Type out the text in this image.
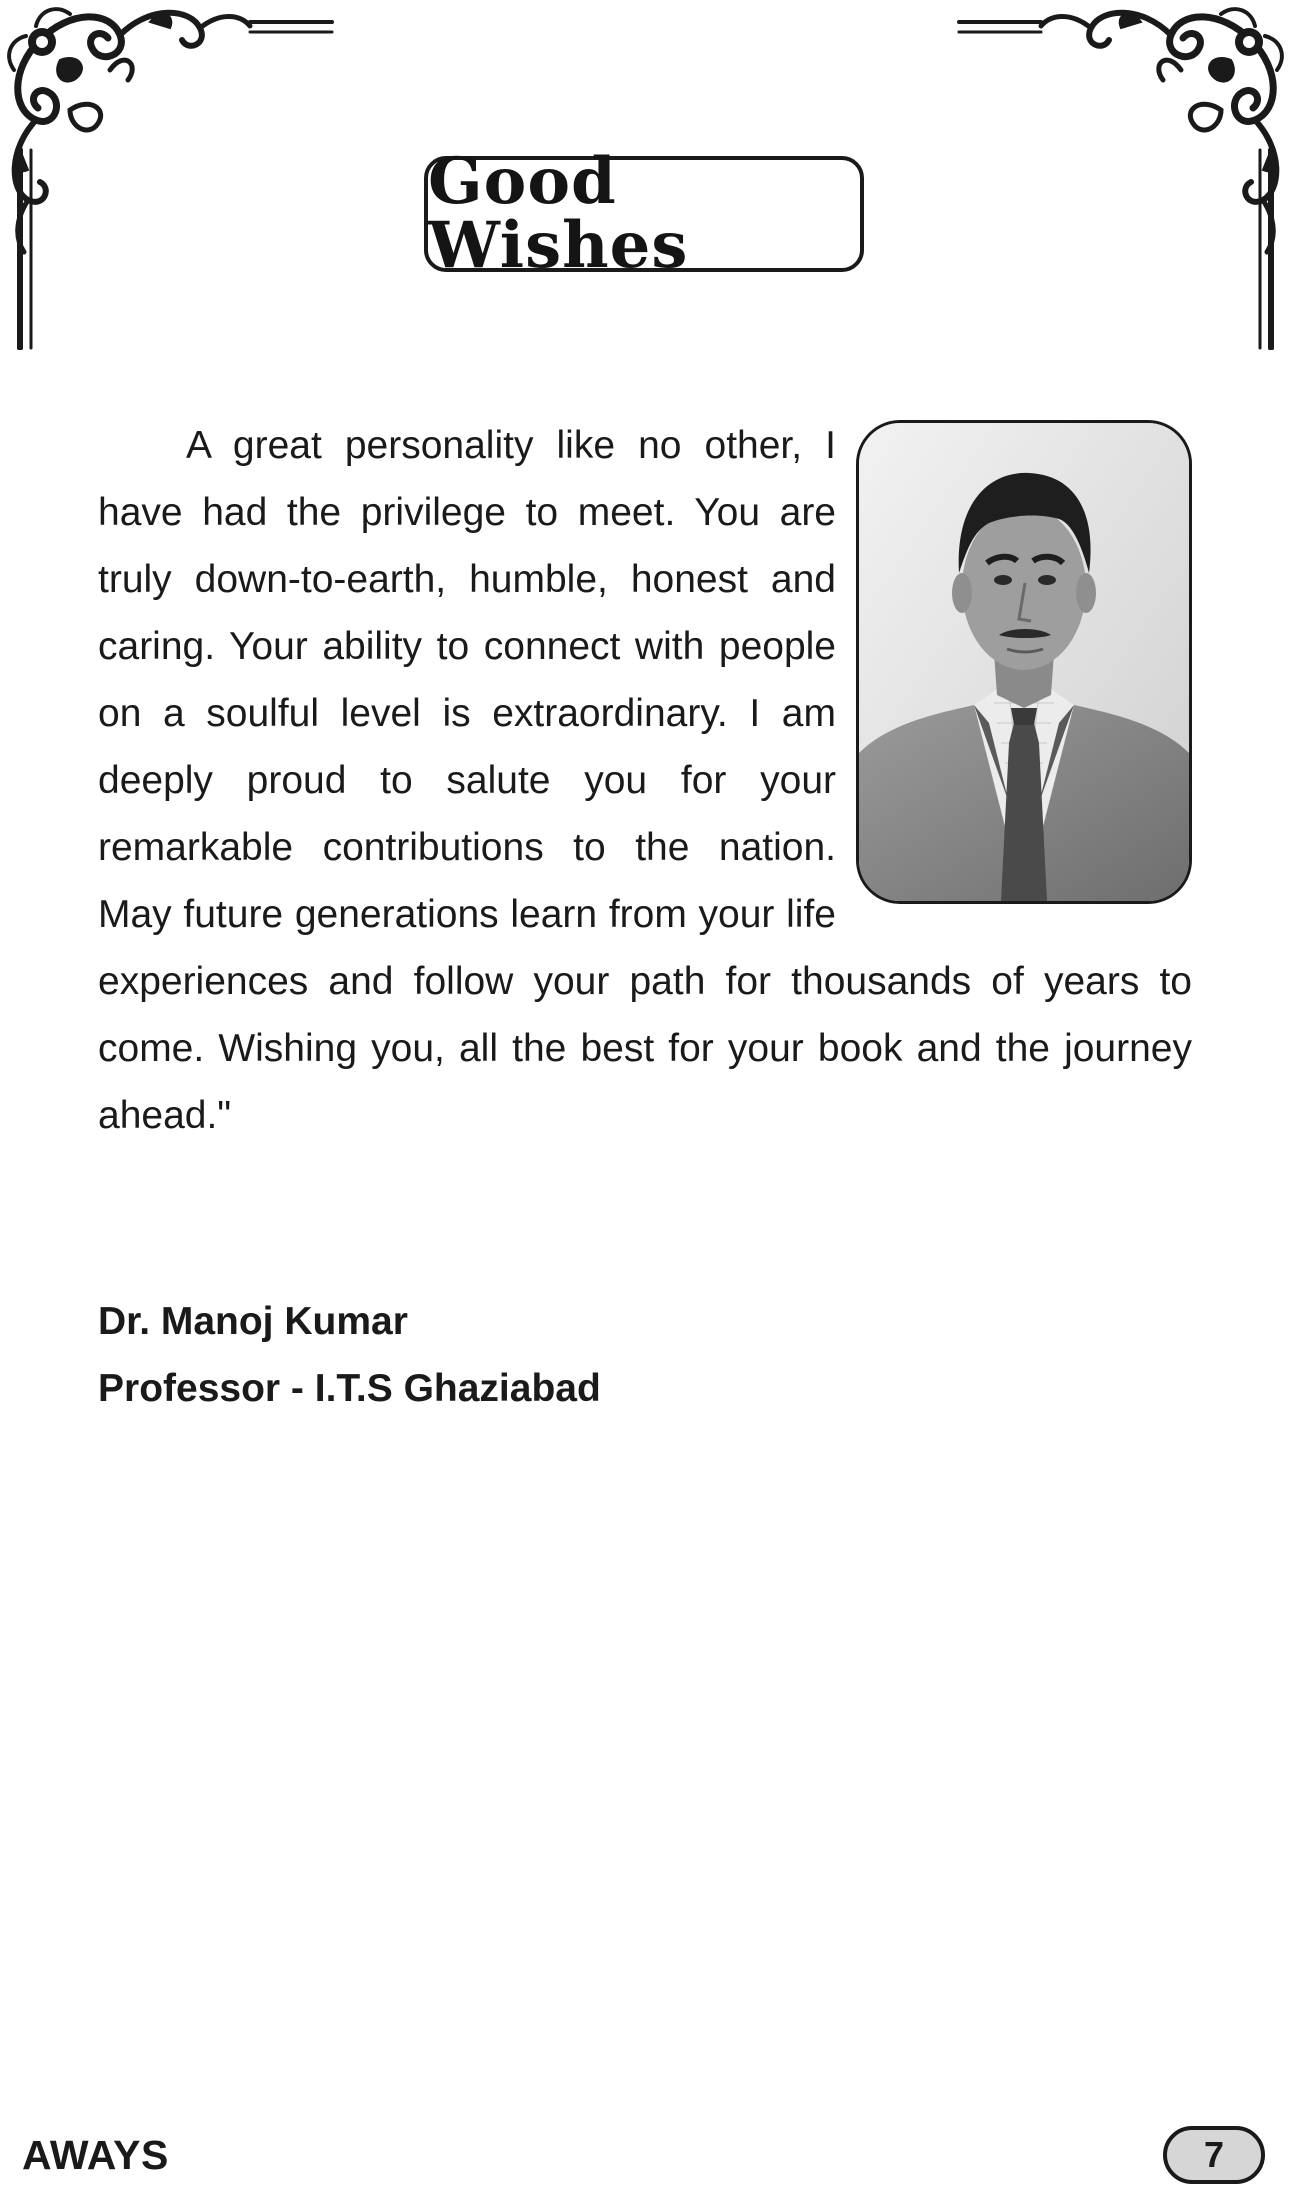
Good Wishes

A great personality like no other, I have had the privilege to meet. You are truly down-to-earth, humble, honest and caring. Your ability to connect with people on a soulful level is extraordinary. I am deeply proud to salute you for your remarkable contributions to the nation. May future generations learn from your life experiences and follow your path for thousands of years to come. Wishing you, all the best for your book and the journey ahead."

Dr. Manoj Kumar
Professor - I.T.S Ghaziabad
AWAYS	7
